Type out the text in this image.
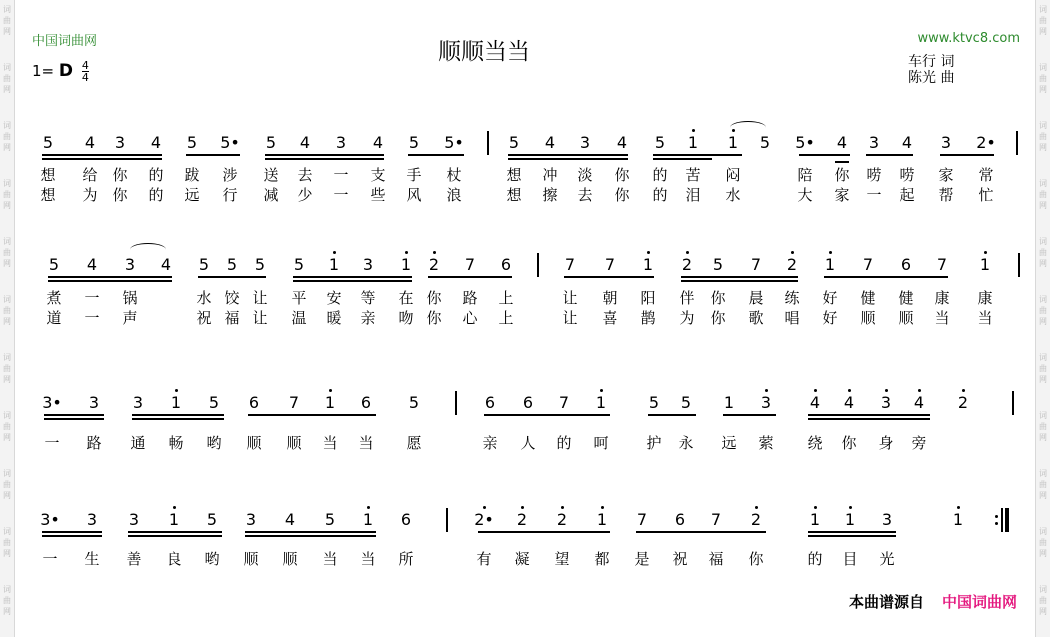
词
曲
网
词
曲
网
词
曲
网
词
曲
网
词
曲
网
词
曲
网
词
曲
网
词
曲
网
词
曲
网
词
曲
网
词
曲
网
词
曲
网
词
曲
网
词
曲
网
词
曲
网
词
曲
网
词
曲
网
词
曲
网
词
曲
网
词
曲
网
词
曲
网
词
曲
网
中国词曲网	www.ktvc8.com
顺顺当当
1= D $\frac{4}{4}$	车行 词
陈光 曲
5 4 3 4 5 5• 5 4 3 4 5 5•	5 4 3 4 5 1 1 5 5• 4 3 4 3 2•
想 给 你 的 跋 涉 送 去 一 支 手 杖	想 冲 淡 你 的 苦 闷	陪 你 唠 唠 家 常
想 为 你 的 远 行 减 少 一 些 风 浪	想 擦 去 你 的 泪 水	大 家 一 起 帮 忙
5 4 3 4 5 5 5 5 1 3 1 2 7 6	7 7 1 2 5 7 2 1 7 6 7 1
煮 一 锅	水 饺 让 平 安 等 在 你 路 上	让 朝 阳 伴 你 晨 练 好 健 健 康 康
道 一 声	祝 福 让 温 暖 亲 吻 你 心 上	让 喜 鹊 为 你 歌 唱 好 顺 顺 当 当
3• 3 3 1 5 6 7 1 6 5	6 6 7 1	5 5 1 3 4 4 3 4 2
一 路 通 畅 哟 顺 顺 当 当 愿	亲 人 的 呵	护 永 远 萦 绕 你 身 旁
3• 3 3 1 5 3 4 5 1 6	2• 2 2 1 7 6 7 2	1 1 3	1
一 生 善 良 哟 顺 顺 当 当 所	有 凝 望 都 是 祝 福 你	的 目 光
本曲谱源自 中国词曲网
